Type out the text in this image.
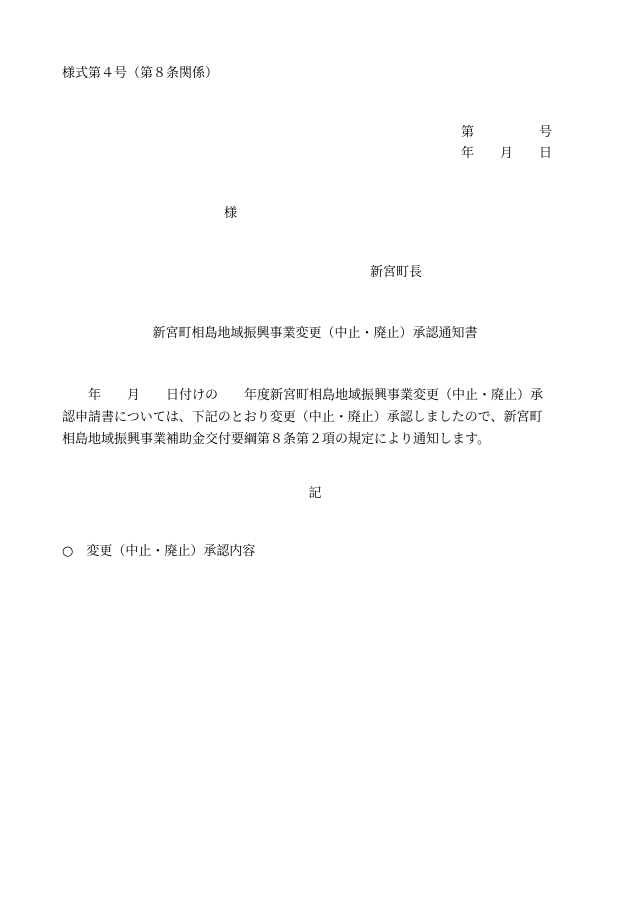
様式第４号（第８条関係）
第	号
年 月 日
様
新宮町長
新宮町相島地域振興事業変更（中止・廃止）承認通知書
　　年　　月　　日付けの　　年度新宮町相島地域振興事業変更（中止・廃止）承
認申請書については、下記のとおり変更（中止・廃止）承認しましたので、新宮町
相島地域振興事業補助金交付要綱第８条第２項の規定により通知します。
記
○　変更（中止・廃止）承認内容
